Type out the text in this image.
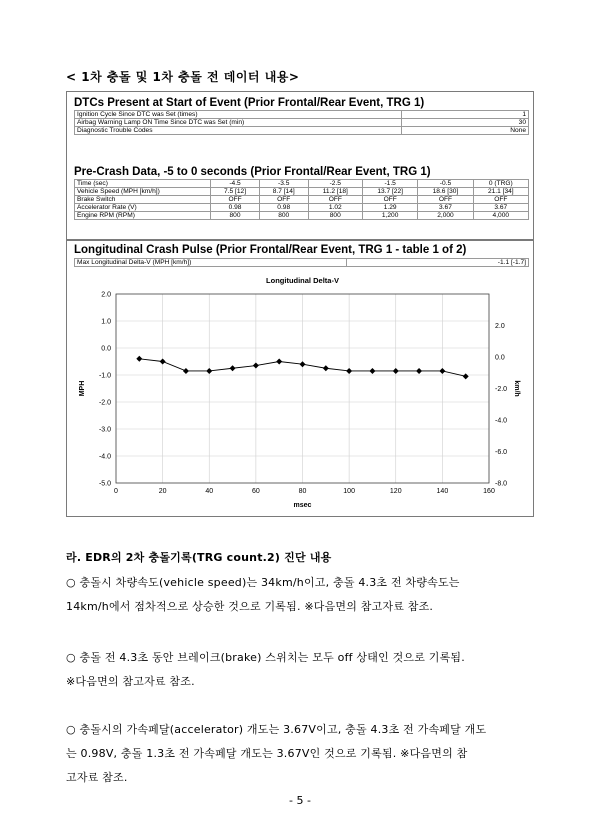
< 1차 충돌 및 1차 충돌 전 데이터 내용>
DTCs Present at Start of Event (Prior Frontal/Rear Event, TRG 1)
Ignition Cycle Since DTC was Set (times)	1
Airbag Warning Lamp ON Time Since DTC was Set (min)	30
Diagnostic Trouble Codes	None
Pre-Crash Data, -5 to 0 seconds (Prior Frontal/Rear Event, TRG 1)
Time (sec)	-4.5	-3.5	-2.5	-1.5	-0.5	0 (TRG)
Vehicle Speed (MPH [km/h])	7.5 [12]	8.7 [14]	11.2 [18]	13.7 [22]	18.6 [30]	21.1 [34]
Brake Switch	OFF	OFF	OFF	OFF	OFF	OFF
Accelerator Rate (V)	0.98	0.98	1.02	1.29	3.67	3.67
Engine RPM (RPM)	800	800	800	1,200	2,000	4,000
Longitudinal Crash Pulse (Prior Frontal/Rear Event, TRG 1 - table 1 of 2)
Max Longitudinal Delta-V (MPH [km/h])	-1.1 [-1.7]
Longitudinal Delta-V
0	20	40	60	80	100	120	140	160
2.0
1.0
0.0
-1.0
-2.0
-3.0
-4.0
-5.0
2.0
0.0
-2.0
-4.0
-6.0
-8.0
msec
MPH	km/h
라. EDR의 2차 충돌기록(TRG count.2) 진단 내용
○ 충돌시 차량속도(vehicle speed)는 34km/h이고, 충돌 4.3초 전 차량속도는
14km/h에서 점차적으로 상승한 것으로 기록됨. ※다음면의 참고자료 참조.
○ 충돌 전 4.3초 동안 브레이크(brake) 스위치는 모두 off 상태인 것으로 기록됨.
※다음면의 참고자료 참조.
○ 충돌시의 가속페달(accelerator) 개도는 3.67V이고, 충돌 4.3초 전 가속페달 개도
는 0.98V, 충돌 1.3초 전 가속페달 개도는 3.67V인 것으로 기록됨. ※다음면의 참
고자료 참조.
- 5 -
